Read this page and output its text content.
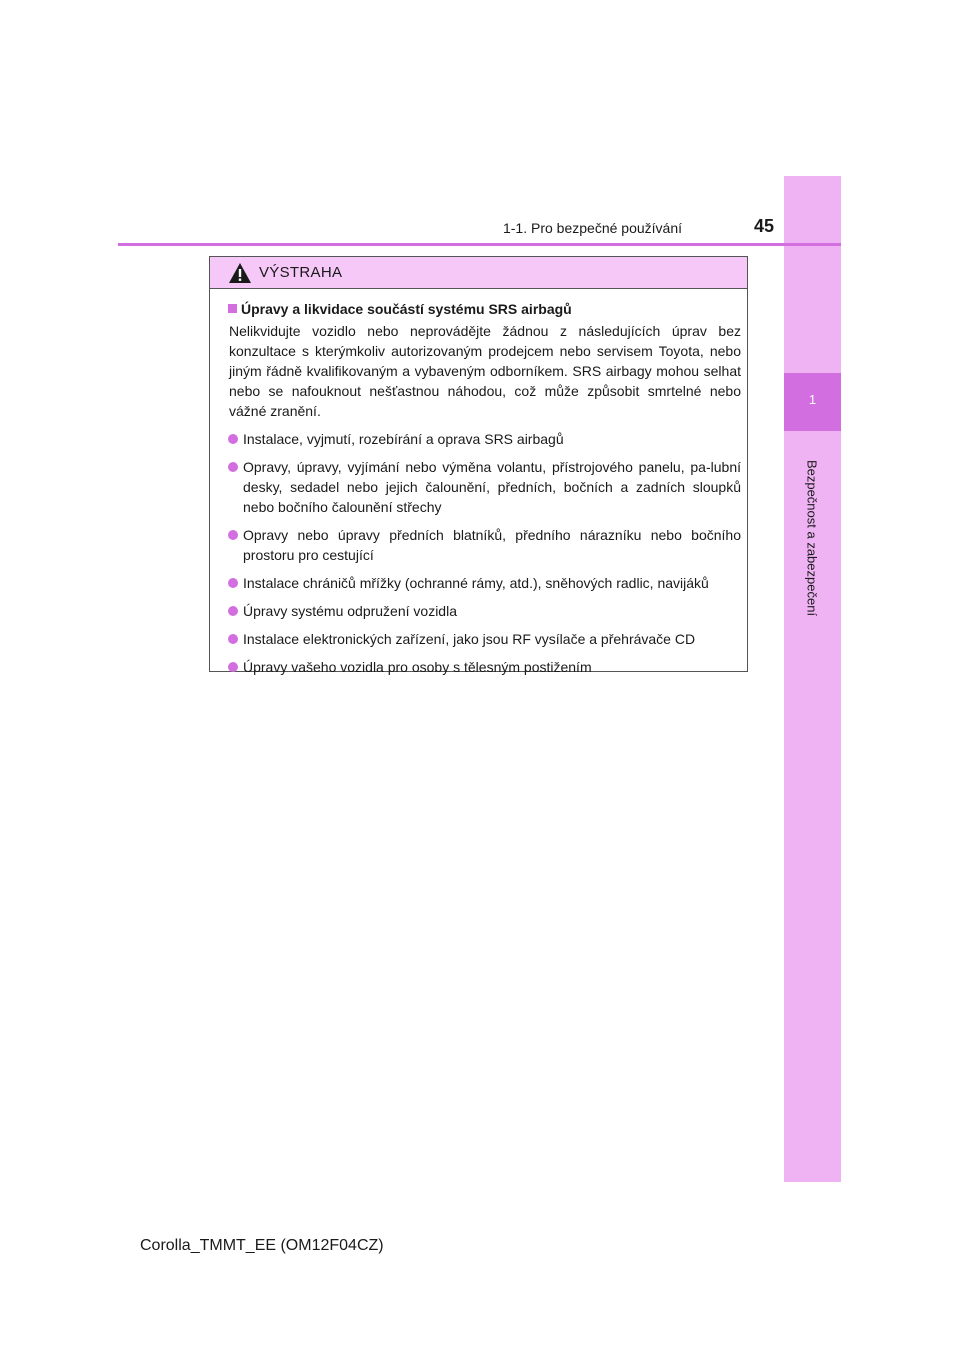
1
Bezpečnost a zabezpečení
1-1. Pro bezpečné používání	45
VÝSTRAHA
Úpravy a likvidace součástí systému SRS airbagů
Nelikvidujte vozidlo nebo neprovádějte žádnou z následujících úprav bez konzultace s kterýmkoliv autorizovaným prodejcem nebo servisem Toyota, nebo jiným řádně kvalifikovaným a vybaveným odborníkem. SRS airbagy mohou selhat nebo se nafouknout nešťastnou náhodou, což může způsobit smrtelné nebo vážné zranění.
Instalace, vyjmutí, rozebírání a oprava SRS airbagů
Opravy, úpravy, vyjímání nebo výměna volantu, přístrojového panelu, pa-lubní desky, sedadel nebo jejich čalounění, předních, bočních a zadních sloupků nebo bočního čalounění střechy
Opravy nebo úpravy předních blatníků, předního nárazníku nebo bočního prostoru pro cestující
Instalace chráničů mřížky (ochranné rámy, atd.), sněhových radlic, navijáků
Úpravy systému odpružení vozidla
Instalace elektronických zařízení, jako jsou RF vysílače a přehrávače CD
Úpravy vašeho vozidla pro osoby s tělesným postižením
Corolla_TMMT_EE (OM12F04CZ)
